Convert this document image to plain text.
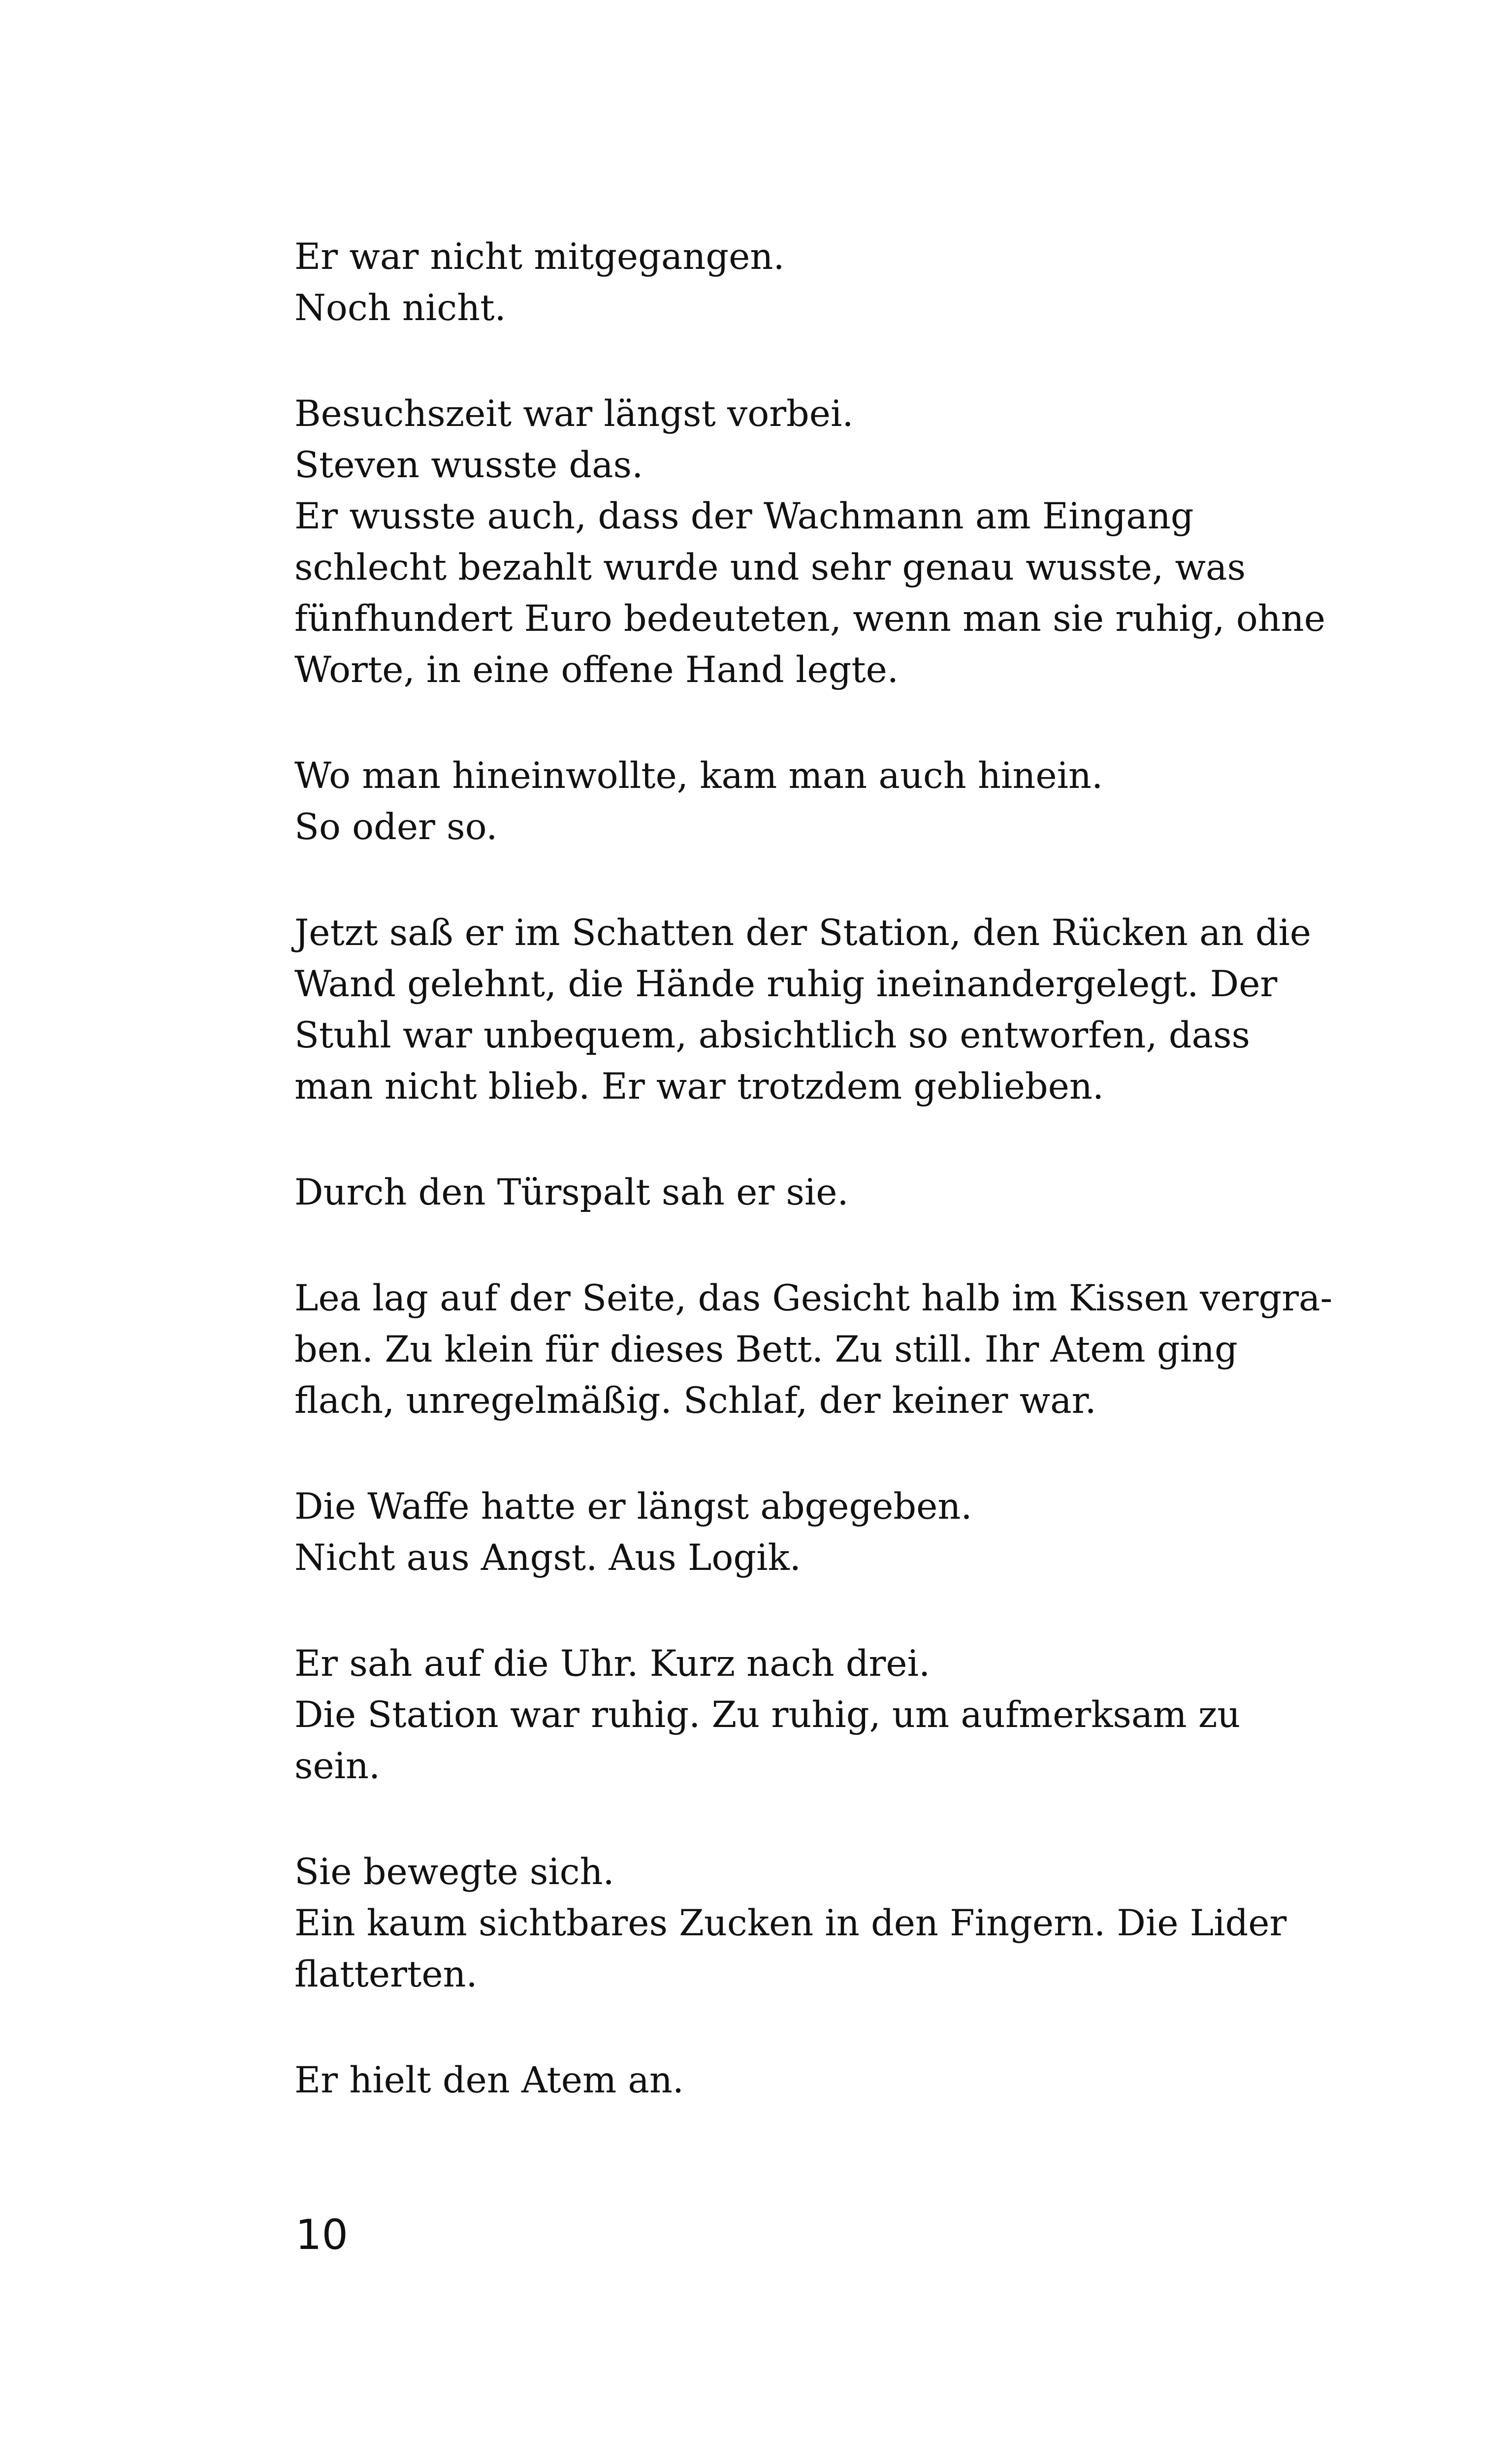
Er war nicht mitgegangen.
Noch nicht.

Besuchszeit war längst vorbei.
Steven wusste das.
Er wusste auch, dass der Wachmann am Eingang
schlecht bezahlt wurde und sehr genau wusste, was
fünfhundert Euro bedeuteten, wenn man sie ruhig, ohne
Worte, in eine offene Hand legte.

Wo man hineinwollte, kam man auch hinein.
So oder so.

Jetzt saß er im Schatten der Station, den Rücken an die
Wand gelehnt, die Hände ruhig ineinandergelegt. Der
Stuhl war unbequem, absichtlich so entworfen, dass
man nicht blieb. Er war trotzdem geblieben.

Durch den Türspalt sah er sie.

Lea lag auf der Seite, das Gesicht halb im Kissen vergra-
ben. Zu klein für dieses Bett. Zu still. Ihr Atem ging
flach, unregelmäßig. Schlaf, der keiner war.

Die Waffe hatte er längst abgegeben.
Nicht aus Angst. Aus Logik.

Er sah auf die Uhr. Kurz nach drei.
Die Station war ruhig. Zu ruhig, um aufmerksam zu
sein.

Sie bewegte sich.
Ein kaum sichtbares Zucken in den Fingern. Die Lider
flatterten.

Er hielt den Atem an.

10
